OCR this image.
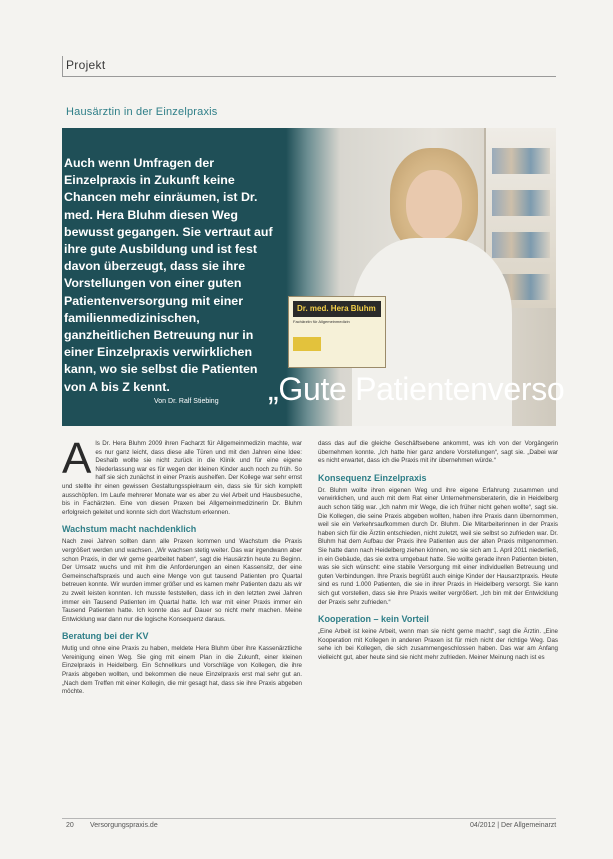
Projekt
Hausärztin in der Einzelpraxis
Dr. med. Hera Bluhm
Fachärztin für Allgemeinmedizin
Auch wenn Umfragen der Einzelpraxis in Zukunft keine Chancen mehr einräumen, ist Dr. med. Hera Bluhm diesen Weg bewusst gegangen. Sie vertraut auf ihre gute Ausbildung und ist fest davon überzeugt, dass sie ihre Vorstellungen von einer guten Patientenversorgung mit einer familienmedizinischen, ganzheitlichen Betreuung nur in einer Einzelpraxis verwirklichen kann, wo sie selbst die Patienten von A bis Z kennt.
Von Dr. Ralf Stiebing „Gute Patientenverso
A ls Dr. Hera Bluhm 2009 ihren Facharzt für Allgemeinmedizin machte, war es nur ganz leicht, dass diese alle Türen und mit den Jahren eine Idee: Deshalb wollte sie nicht zurück in die Klinik und für eine eigene Niederlassung war es für wegen der kleinen Kinder auch noch zu früh. So half sie sich zunächst in einer Praxis aushelfen. Der Kollege war sehr ernst und stellte ihr einen gewissen Gestaltungsspielraum ein, dass sie für sich komplett ausschöpfen. Im Laufe mehrerer Monate war es aber zu viel Arbeit und Hausbesuche, bis in Fachärzten. Eine von diesen Praxen bei Allgemeinmedizinerin Dr. Bluhm erfolgreich geleitet und konnte sich dort Wachstum erkennen.

Wachstum macht nachdenklich

Nach zwei Jahren sollten dann alle Praxen kommen und Wachstum die Praxis vergrößert werden und wachsen. „Wir wachsen stetig weiter. Das war irgendwann aber schon Praxis, in der wir gerne gearbeitet haben“, sagt die Hausärztin heute zu Beginn. Der Umsatz wuchs und mit ihm die Anforderungen an einen Kassensitz, der eine Gemeinschaftspraxis und auch eine Menge von gut tausend Patienten pro Quartal betreuen konnte. Wir wurden immer größer und es kamen mehr Patienten dazu als wir zu zweit leisten konnten. Ich musste feststellen, dass ich in den letzten zwei Jahren immer ein Tausend Patienten im Quartal hatte. Ich war mit einer Praxis immer ein Tausend Patienten hatte. Ich konnte das auf Dauer so nicht mehr machen. Meine Entwicklung war dann nur die logische Konsequenz daraus.

Beratung bei der KV

Mutig und ohne eine Praxis zu haben, meldete Hera Bluhm über ihre Kassenärztliche Vereinigung einen Weg. Sie ging mit einem Plan in die Zukunft, einer kleinen Einzelpraxis in Heidelberg. Ein Schnellkurs und Vorschläge von Kollegen, die ihre Praxis abgeben wollten, und bekommen die neue Einzelpraxis erst mal sehr gut an. „Nach dem Treffen mit einer Kollegin, die mir gesagt hat, dass sie ihre Praxis abgeben möchte.

dass das auf die gleiche Geschäftsebene ankommt, was ich von der Vorgängerin übernehmen konnte. „Ich hatte hier ganz andere Vorstellungen“, sagt sie. „Dabei war es nicht erwartet, dass ich die Praxis mit ihr übernehmen würde.“

Konsequenz Einzelpraxis

Dr. Bluhm wollte ihren eigenen Weg und ihre eigene Erfahrung zusammen und verwirklichen, und auch mit dem Rat einer Unternehmensberaterin, die in Heidelberg auch schon tätig war. „Ich nahm mir Wege, die ich früher nicht gehen wollte“, sagt sie. Die Kollegen, die seine Praxis abgeben wollten, haben ihre Praxis dann übernommen, weil sie ein Verkehrsaufkommen durch Dr. Bluhm. Die Mitarbeiterinnen in der Praxis haben sich für die Ärztin entschieden, nicht zuletzt, weil sie selbst so zufrieden war. Dr. Bluhm hat dem Aufbau der Praxis ihre Patienten aus der alten Praxis mitgenommen. Sie hatte dann nach Heidelberg ziehen können, wo sie sich am 1. April 2011 niederließ, in ein Gebäude, das sie extra umgebaut hatte. Sie wollte gerade ihren Patienten bieten, was sie sich wünscht: eine stabile Versorgung mit einer individuellen Betreuung und guten Verbindungen. Ihre Praxis begrüßt auch einige Kinder der Hausarztpraxis. Heute sind es rund 1.000 Patienten, die sie in ihrer Praxis in Heidelberg versorgt. Sie kann sich gut vorstellen, dass sie ihre Praxis weiter vergrößert. „Ich bin mit der Entwicklung der Praxis sehr zufrieden.“

Kooperation – kein Vorteil

„Eine Arbeit ist keine Arbeit, wenn man sie nicht gerne macht“, sagt die Ärztin. „Eine Kooperation mit Kollegen in anderen Praxen ist für mich nicht der richtige Weg. Das sehe ich bei Kollegen, die sich zusammengeschlossen haben. Das war am Anfang vielleicht gut, aber heute sind sie nicht mehr zufrieden. Meiner Meinung nach ist es

20 Versorgungspraxis.de	04/2012 | Der Allgemeinarzt
